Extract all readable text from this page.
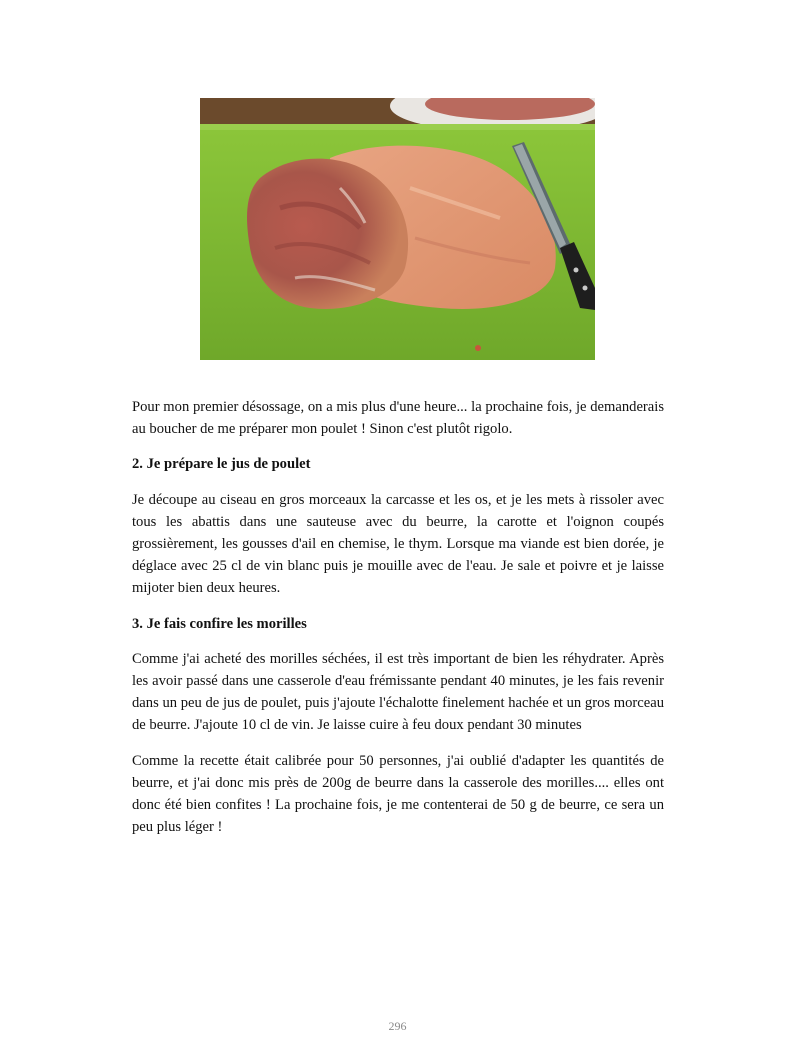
Pour mon premier désossage, on a mis plus d'une heure... la prochaine fois, je demanderais au boucher de me préparer mon poulet ! Sinon c'est plutôt rigolo.

2. Je prépare le jus de poulet

Je découpe au ciseau en gros morceaux la carcasse et les os, et je les mets à rissoler avec tous les abattis dans une sauteuse avec du beurre, la carotte et l'oignon coupés grossièrement, les gousses d'ail en chemise, le thym. Lorsque ma viande est bien dorée, je déglace avec 25 cl de vin blanc puis je mouille avec de l'eau. Je sale et poivre et je laisse mijoter bien deux heures.

3. Je fais confire les morilles

Comme j'ai acheté des morilles séchées, il est très important de bien les réhydrater. Après les avoir passé dans une casserole d'eau frémissante pendant 40 minutes, je les fais revenir dans un peu de jus de poulet, puis j'ajoute l'échalotte finelement hachée et un gros morceau de beurre. J'ajoute 10 cl de vin. Je laisse cuire à feu doux pendant 30 minutes

Comme la recette était calibrée pour 50 personnes, j'ai oublié d'adapter les quantités de beurre, et j'ai donc mis près de 200g de beurre dans la casserole des morilles.... elles ont donc été bien confites ! La prochaine fois, je me contenterai de 50 g de beurre, ce sera un peu plus léger !

296
